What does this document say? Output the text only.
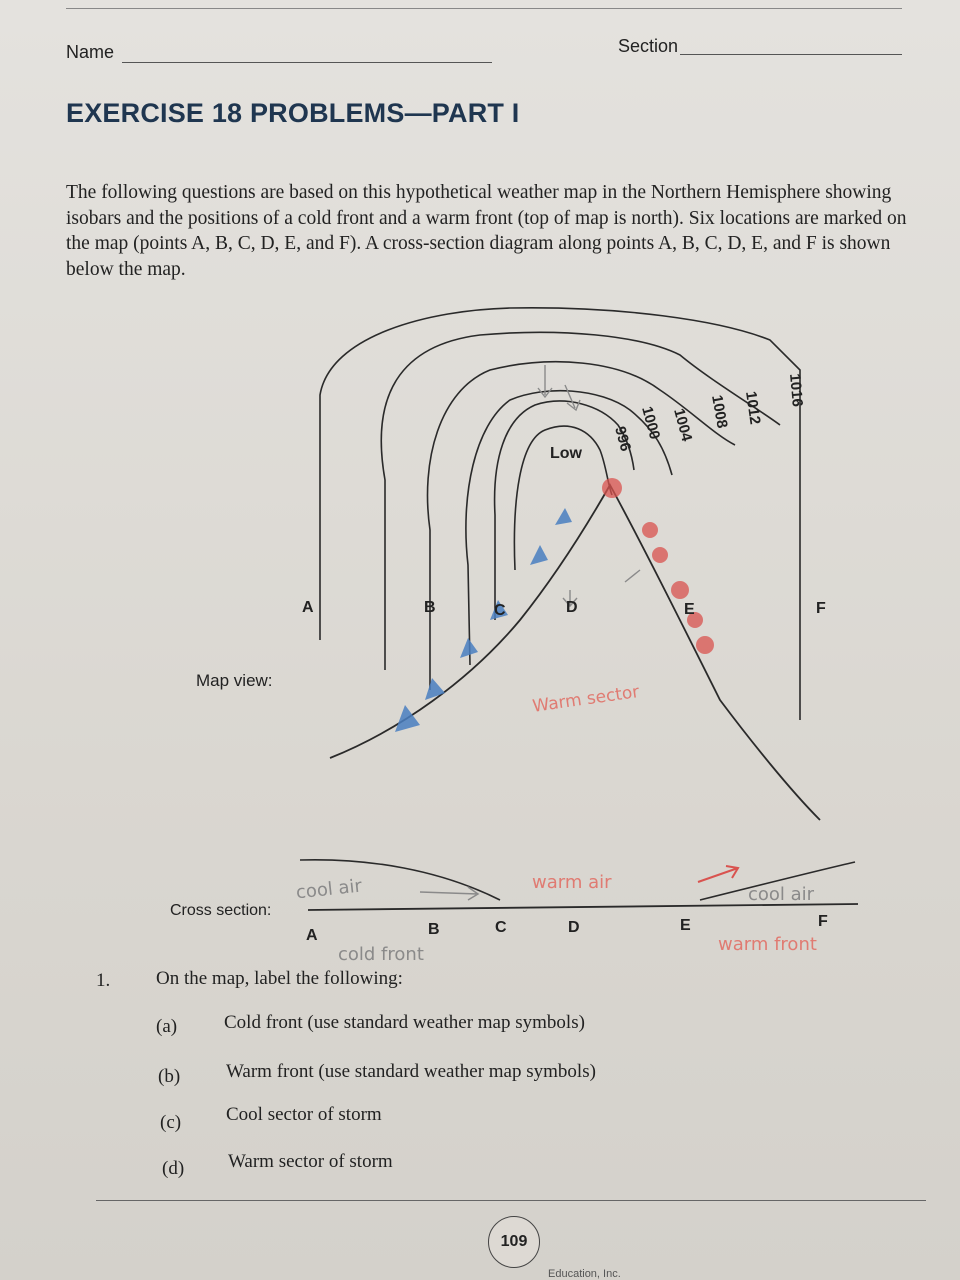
Name	Section
EXERCISE 18 PROBLEMS—PART I

The following questions are based on this hypothetical weather map in the Northern Hemisphere showing isobars and the positions of a cold front and a warm front (top of map is north). Six locations are marked on the map (points A, B, C, D, E, and F). A cross-section diagram along points A, B, C, D, E, and F is shown below the map.

996 1000 1004 1008 1012 1016
Low
A	B	C	D	E	F
Map view:
Warm sector
Cross section:
A	B	C	D	E	F
cool air
cold front
warm air
cool air
warm front
1. On the map, label the following:
(a) Cold front (use standard weather map symbols)
(b) Warm front (use standard weather map symbols)
(c) Cool sector of storm
(d) Warm sector of storm
109
Education, Inc.
